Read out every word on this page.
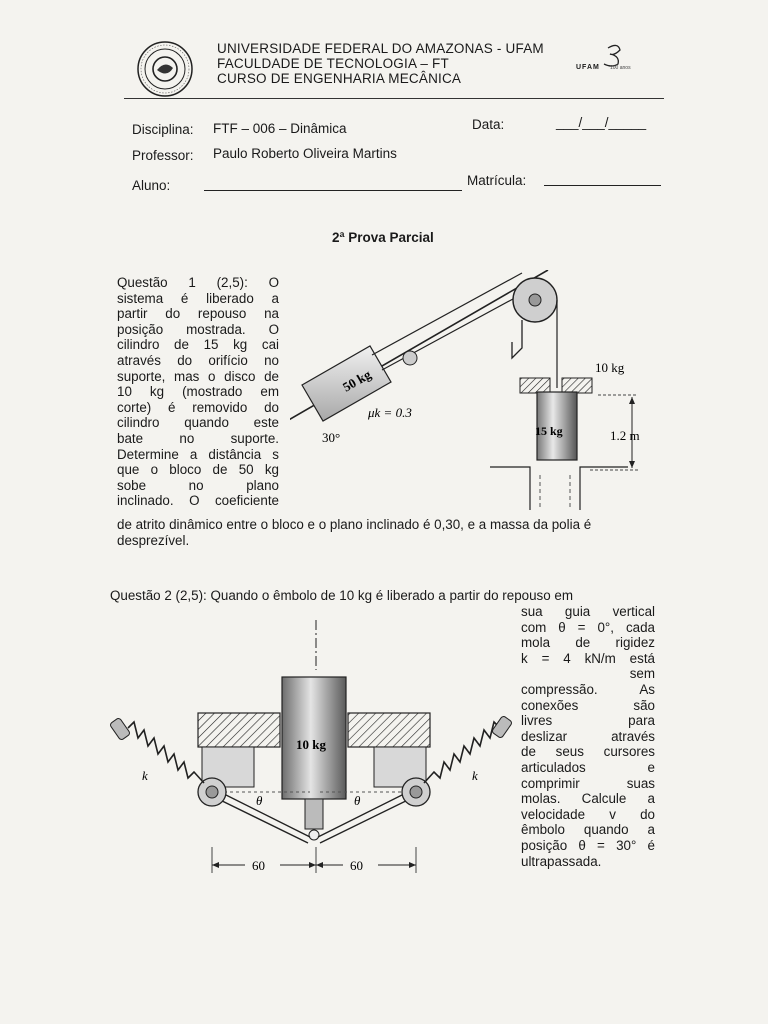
UNIVERSIDADE FEDERAL DO AMAZONAS - UFAM
FACULDADE DE TECNOLOGIA – FT
CURSO DE ENGENHARIA MECÂNICA
UFAM 100 anos
Disciplina: FTF – 006 – Dinâmica	Data:	___/___/_____
Professor: Paulo Roberto Oliveira Martins
Aluno:	Matrícula:
2ª Prova Parcial
Questão 1 (2,5): O
sistema é liberado a
partir do repouso na
posição mostrada. O
cilindro de 15 kg cai
através do orifício no
suporte, mas o disco de
10 kg (mostrado em
corte) é removido do
cilindro quando este
bate no suporte.
Determine a distância s
que o bloco de 50 kg
sobe no plano
inclinado. O coeficiente
de atrito dinâmico entre o bloco e o plano inclinado é 0,30, e a massa da polia é
desprezível.
50 kg
μk = 0.3
30°
10 kg
15 kg	1.2 m
Questão 2 (2,5): Quando o êmbolo de 10 kg é liberado a partir do repouso em
sua guia vertical
com θ = 0°, cada
mola de rigidez
k = 4 kN/m está
sem
compressão. As
conexões são
livres para
deslizar através
de seus cursores
articulados e
comprimir suas
molas. Calcule a
velocidade v do
êmbolo quando a
posição θ = 30° é
ultrapassada.
10 kg
k	k
θ	θ
60	60
